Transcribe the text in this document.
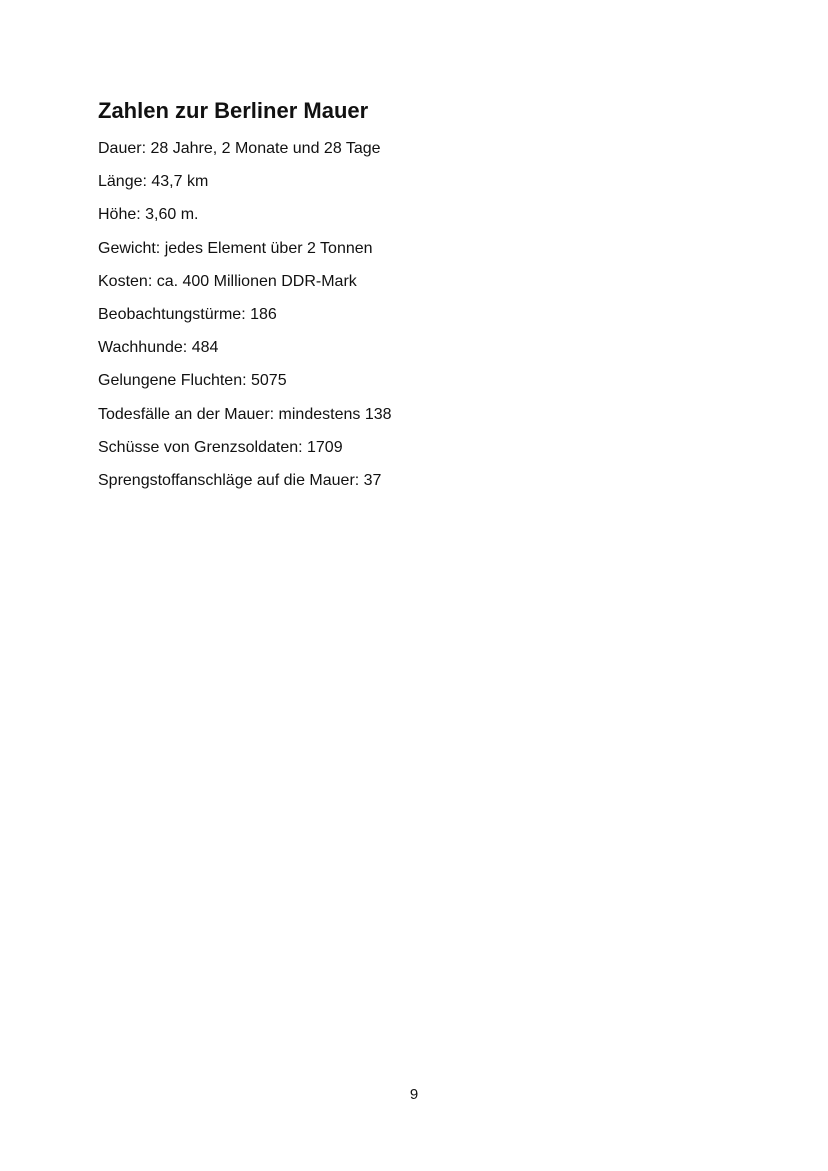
Zahlen zur Berliner Mauer
Dauer: 28 Jahre, 2 Monate und 28 Tage
Länge: 43,7 km
Höhe: 3,60 m.
Gewicht: jedes Element über 2 Tonnen
Kosten: ca. 400 Millionen DDR-Mark
Beobachtungstürme: 186
Wachhunde: 484
Gelungene Fluchten: 5075
Todesfälle an der Mauer: mindestens 138
Schüsse von Grenzsoldaten: 1709
Sprengstoffanschläge auf die Mauer: 37
9
